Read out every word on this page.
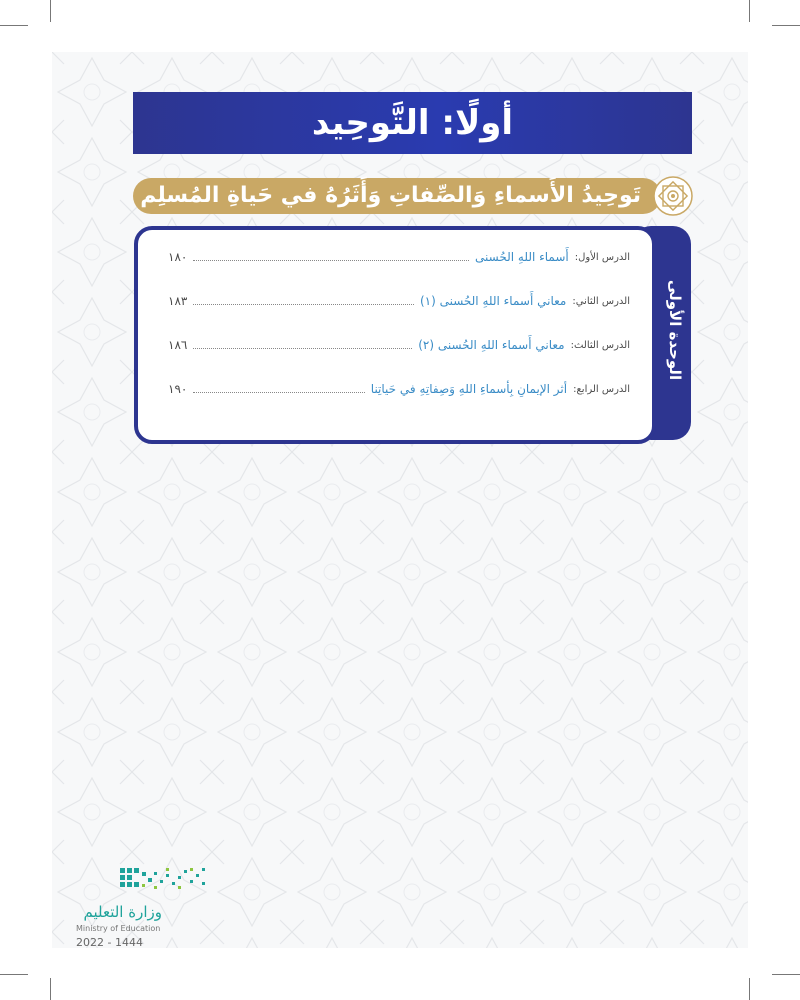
أولًا: التَّوحِيد
تَوحِيدُ الأَسماءِ وَالصِّفاتِ وَأَثَرُهُ في حَياةِ المُسلِم
الوحدة الأولى
الدرس الأول:
أَسماء اللهِ الحُسنى
١٨٠
الدرس الثاني:
معاني أَسماء اللهِ الحُسنى (١)
١٨٣
الدرس الثالث:
معاني أَسماء اللهِ الحُسنى (٢)
١٨٦
الدرس الرابع:
أثر الإيمانِ بِأسماءِ اللهِ وَصِفاتِهِ في حَياتِنا
١٩٠
وزارة التعليم
Ministry of Education
2022 - 1444
